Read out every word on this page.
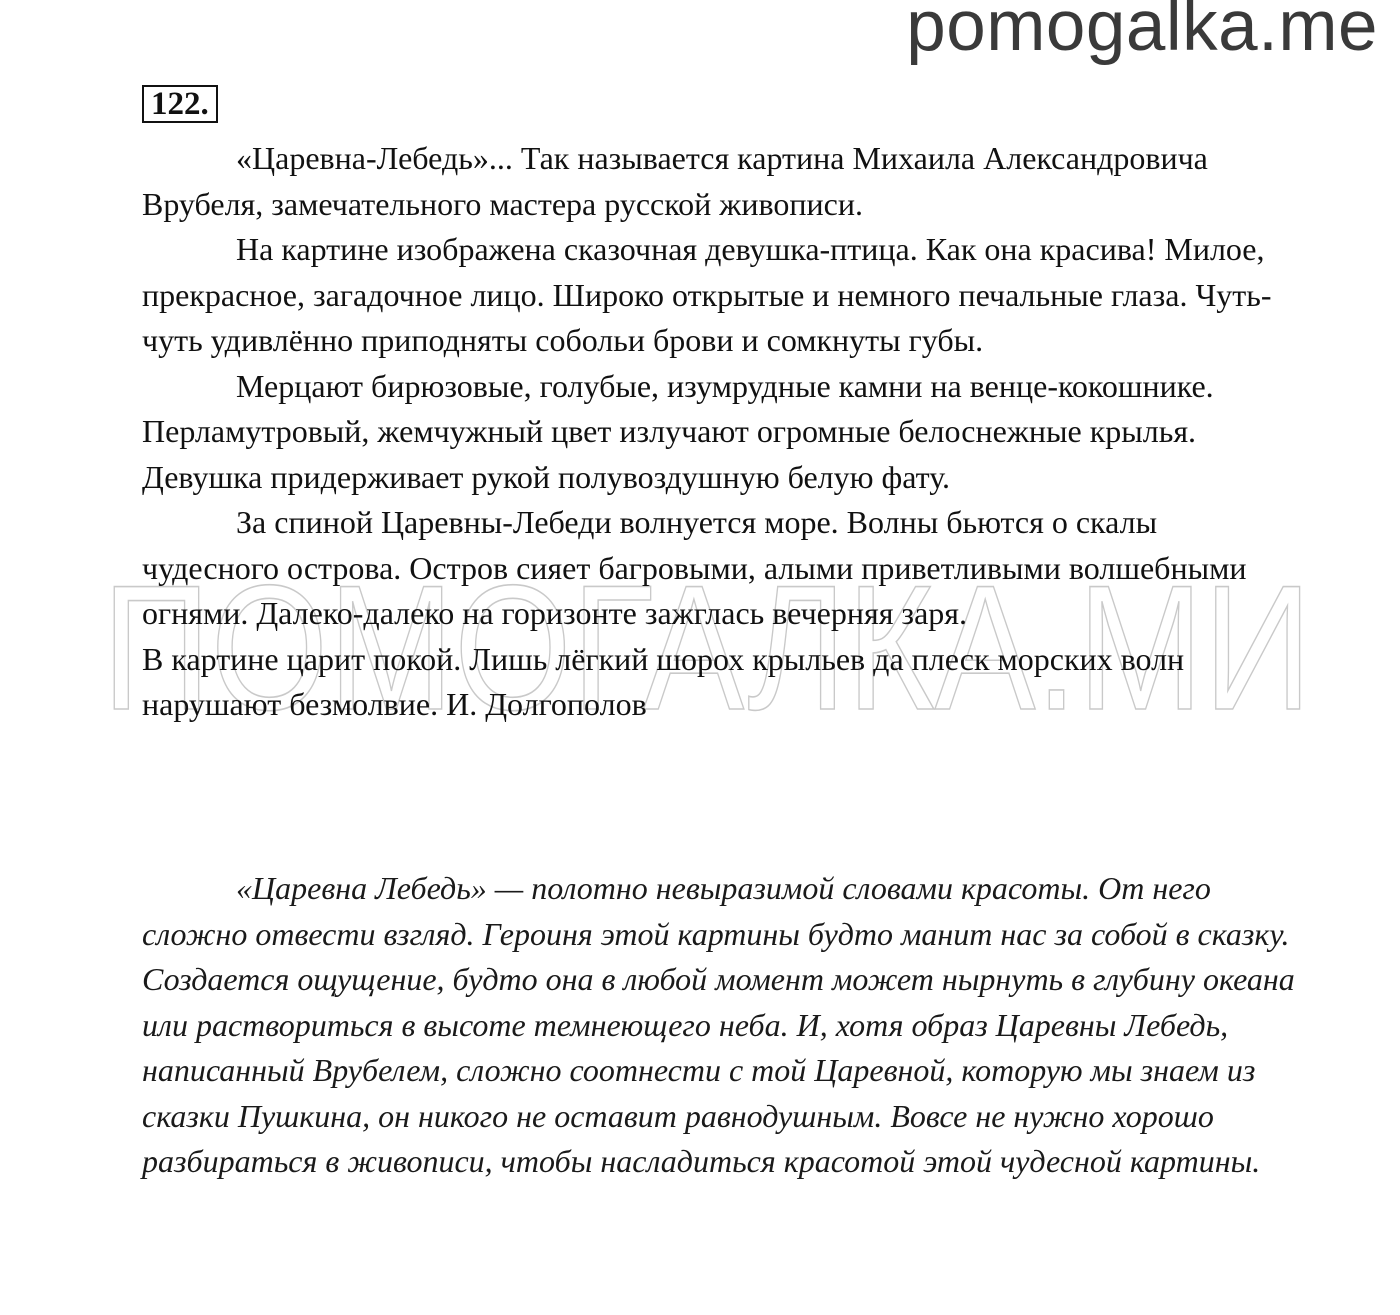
pomogalka.me
ПОМОГАЛКА.МИ
122.

«Царевна-Лебедь»... Так называется картина Михаила Александровича Врубеля, замечательного мастера русской живописи.

На картине изображена сказочная девушка-птица. Как она красива! Милое, прекрасное, загадочное лицо. Широко открытые и немного печальные глаза. Чуть-чуть удивлённо приподняты собольи брови и сомкнуты губы.

Мерцают бирюзовые, голубые, изумрудные камни на венце-кокошнике. Перламутровый, жемчужный цвет излучают огромные белоснежные крылья. Девушка придерживает рукой полувоздушную белую фату.

За спиной Царевны-Лебеди волнуется море. Волны бьются о скалы чудесного острова. Остров сияет багровыми, алыми приветливыми волшебными огнями. Далеко-далеко на горизонте зажглась вечерняя заря.

В картине царит покой. Лишь лёгкий шорох крыльев да плеск морских волн нарушают безмолвие. И. Долгополов

«Царевна Лебедь» — полотно невыразимой словами красоты. От него сложно отвести взгляд. Героиня этой картины будто манит нас за собой в сказку. Создается ощущение, будто она в любой момент может нырнуть в глубину океана или раствориться в высоте темнеющего неба. И, хотя образ Царевны Лебедь, написанный Врубелем, сложно соотнести с той Царевной, которую мы знаем из сказки Пушкина, он никого не оставит равнодушным. Вовсе не нужно хорошо разбираться в живописи, чтобы насладиться красотой этой чудесной картины.
